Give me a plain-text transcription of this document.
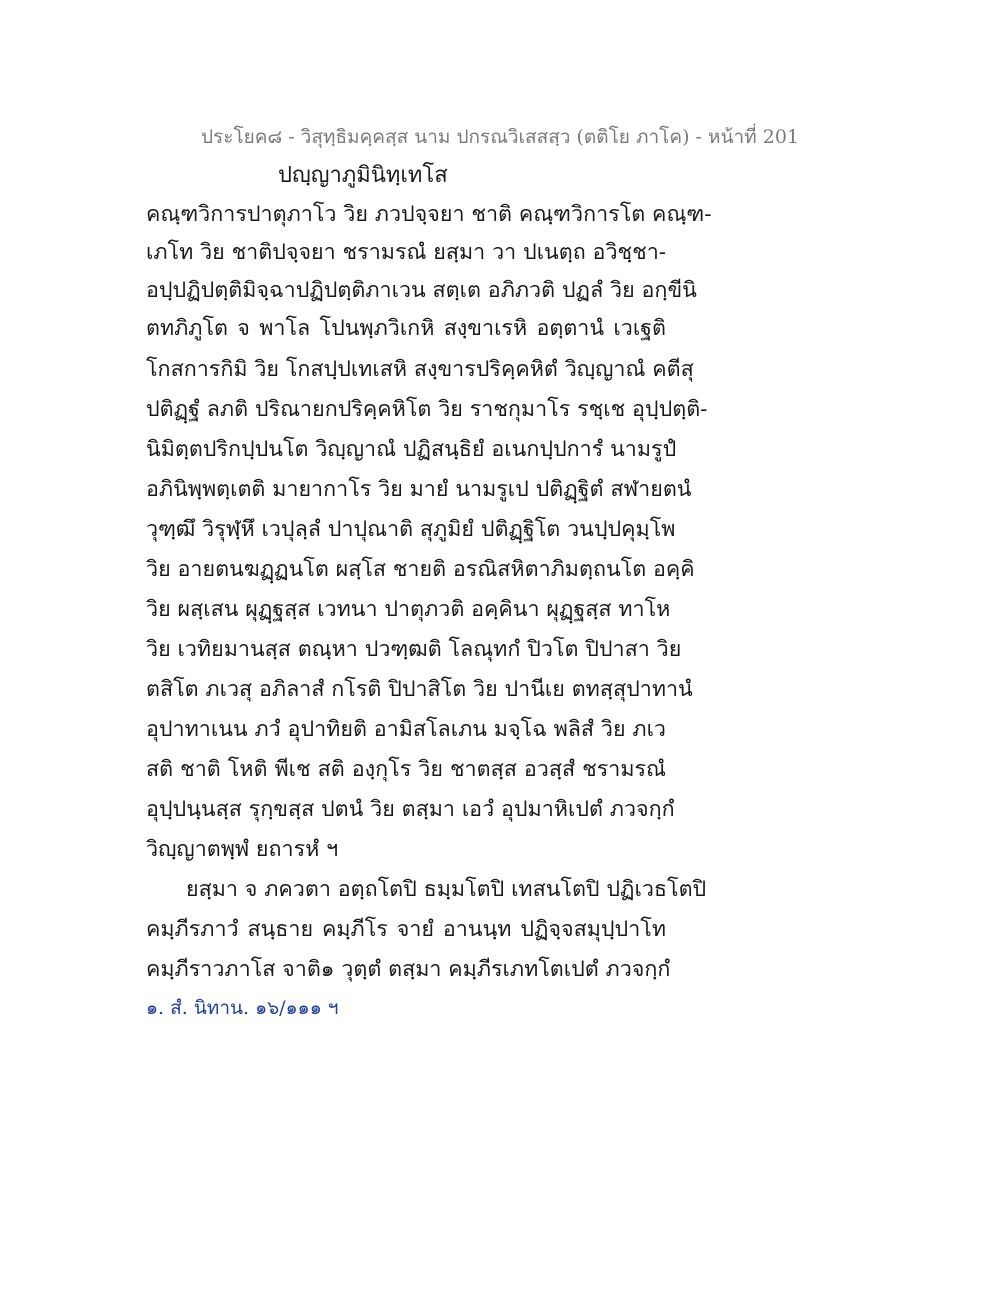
ประโยค๘ - วิสุทฺธิมคฺคสฺส นาม ปกรณวิเสสสฺว (ตติโย ภาโค) - หน้าที่ 201
ปญฺญาภูมินิทฺเทโส
คณฺฑวิการปาตุภาโว วิย ภวปจฺจยา ชาติ คณฺฑวิการโต คณฺฑ-
เภโท วิย ชาติปจฺจยา ชรามรณํ ยสฺมา วา ปเนตฺถ อวิชฺชา-
อปฺปฏิปตฺติมิจฺฉาปฏิปตฺติภาเวน สตฺเต อภิภวติ ปฏลํ วิย อกฺขีนิ
ตทภิภูโต จ พาโล โปนพฺภวิเกหิ สงฺขาเรหิ อตฺตานํ เวเฐติ
โกสการกิมิ วิย โกสปฺปเทเสหิ สงฺขารปริคฺคหิตํ วิญฺญาณํ คตีสุ
ปติฏฺฐํ ลภติ ปริณายกปริคฺคหิโต วิย ราชกุมาโร รชฺเช อุปฺปตฺติ-
นิมิตฺตปริกปฺปนโต วิญฺญาณํ ปฏิสนฺธิยํ อเนกปฺปการํ นามรูปํ
อภินิพฺพตฺเตติ มายากาโร วิย มายํ นามรูเป ปติฏฺฐิตํ สฬายตนํ
วุฑฺฒึ วิรุฬฺหึ เวปุลฺลํ ปาปุณาติ สุภูมิยํ ปติฏฺฐิโต วนปฺปคุมฺโพ
วิย อายตนฆฏฺฏนโต ผสฺโส ชายติ อรณิสหิตาภิมตฺถนโต อคฺคิ
วิย ผสฺเสน ผุฏฺฐสฺส เวทนา ปาตุภวติ อคฺคินา ผุฏฺฐสฺส ทาโห
วิย เวทิยมานสฺส ตณฺหา ปวฑฺฒติ โลณุทกํ ปิวโต ปิปาสา วิย
ตสิโต ภเวสุ อภิลาสํ กโรติ ปิปาสิโต วิย ปานีเย ตทสฺสุปาทานํ
อุปาทาเนน ภวํ อุปาทิยติ อามิสโลเภน มจฺโฉ พลิสํ วิย ภเว
สติ ชาติ โหติ พีเช สติ องฺกุโร วิย ชาตสฺส อวสฺสํ ชรามรณํ
อุปฺปนฺนสฺส รุกฺขสฺส ปตนํ วิย ตสฺมา เอวํ อุปมาหิเปตํ ภวจกฺกํ
วิญฺญาตพฺพํ ยถารหํ ฯ
ยสฺมา จ ภควตา อตฺถโตปิ ธมฺมโตปิ เทสนโตปิ ปฏิเวธโตปิ
คมฺภีรภาวํ สนฺธาย คมฺภีโร จายํ อานนฺท ปฏิจฺจสมุปฺปาโท
คมฺภีราวภาโส จาติ๑ วุตฺตํ ตสฺมา คมฺภีรเภทโตเปตํ ภวจกฺกํ
๑. สํ. นิทาน. ๑๖/๑๑๑ ฯ
